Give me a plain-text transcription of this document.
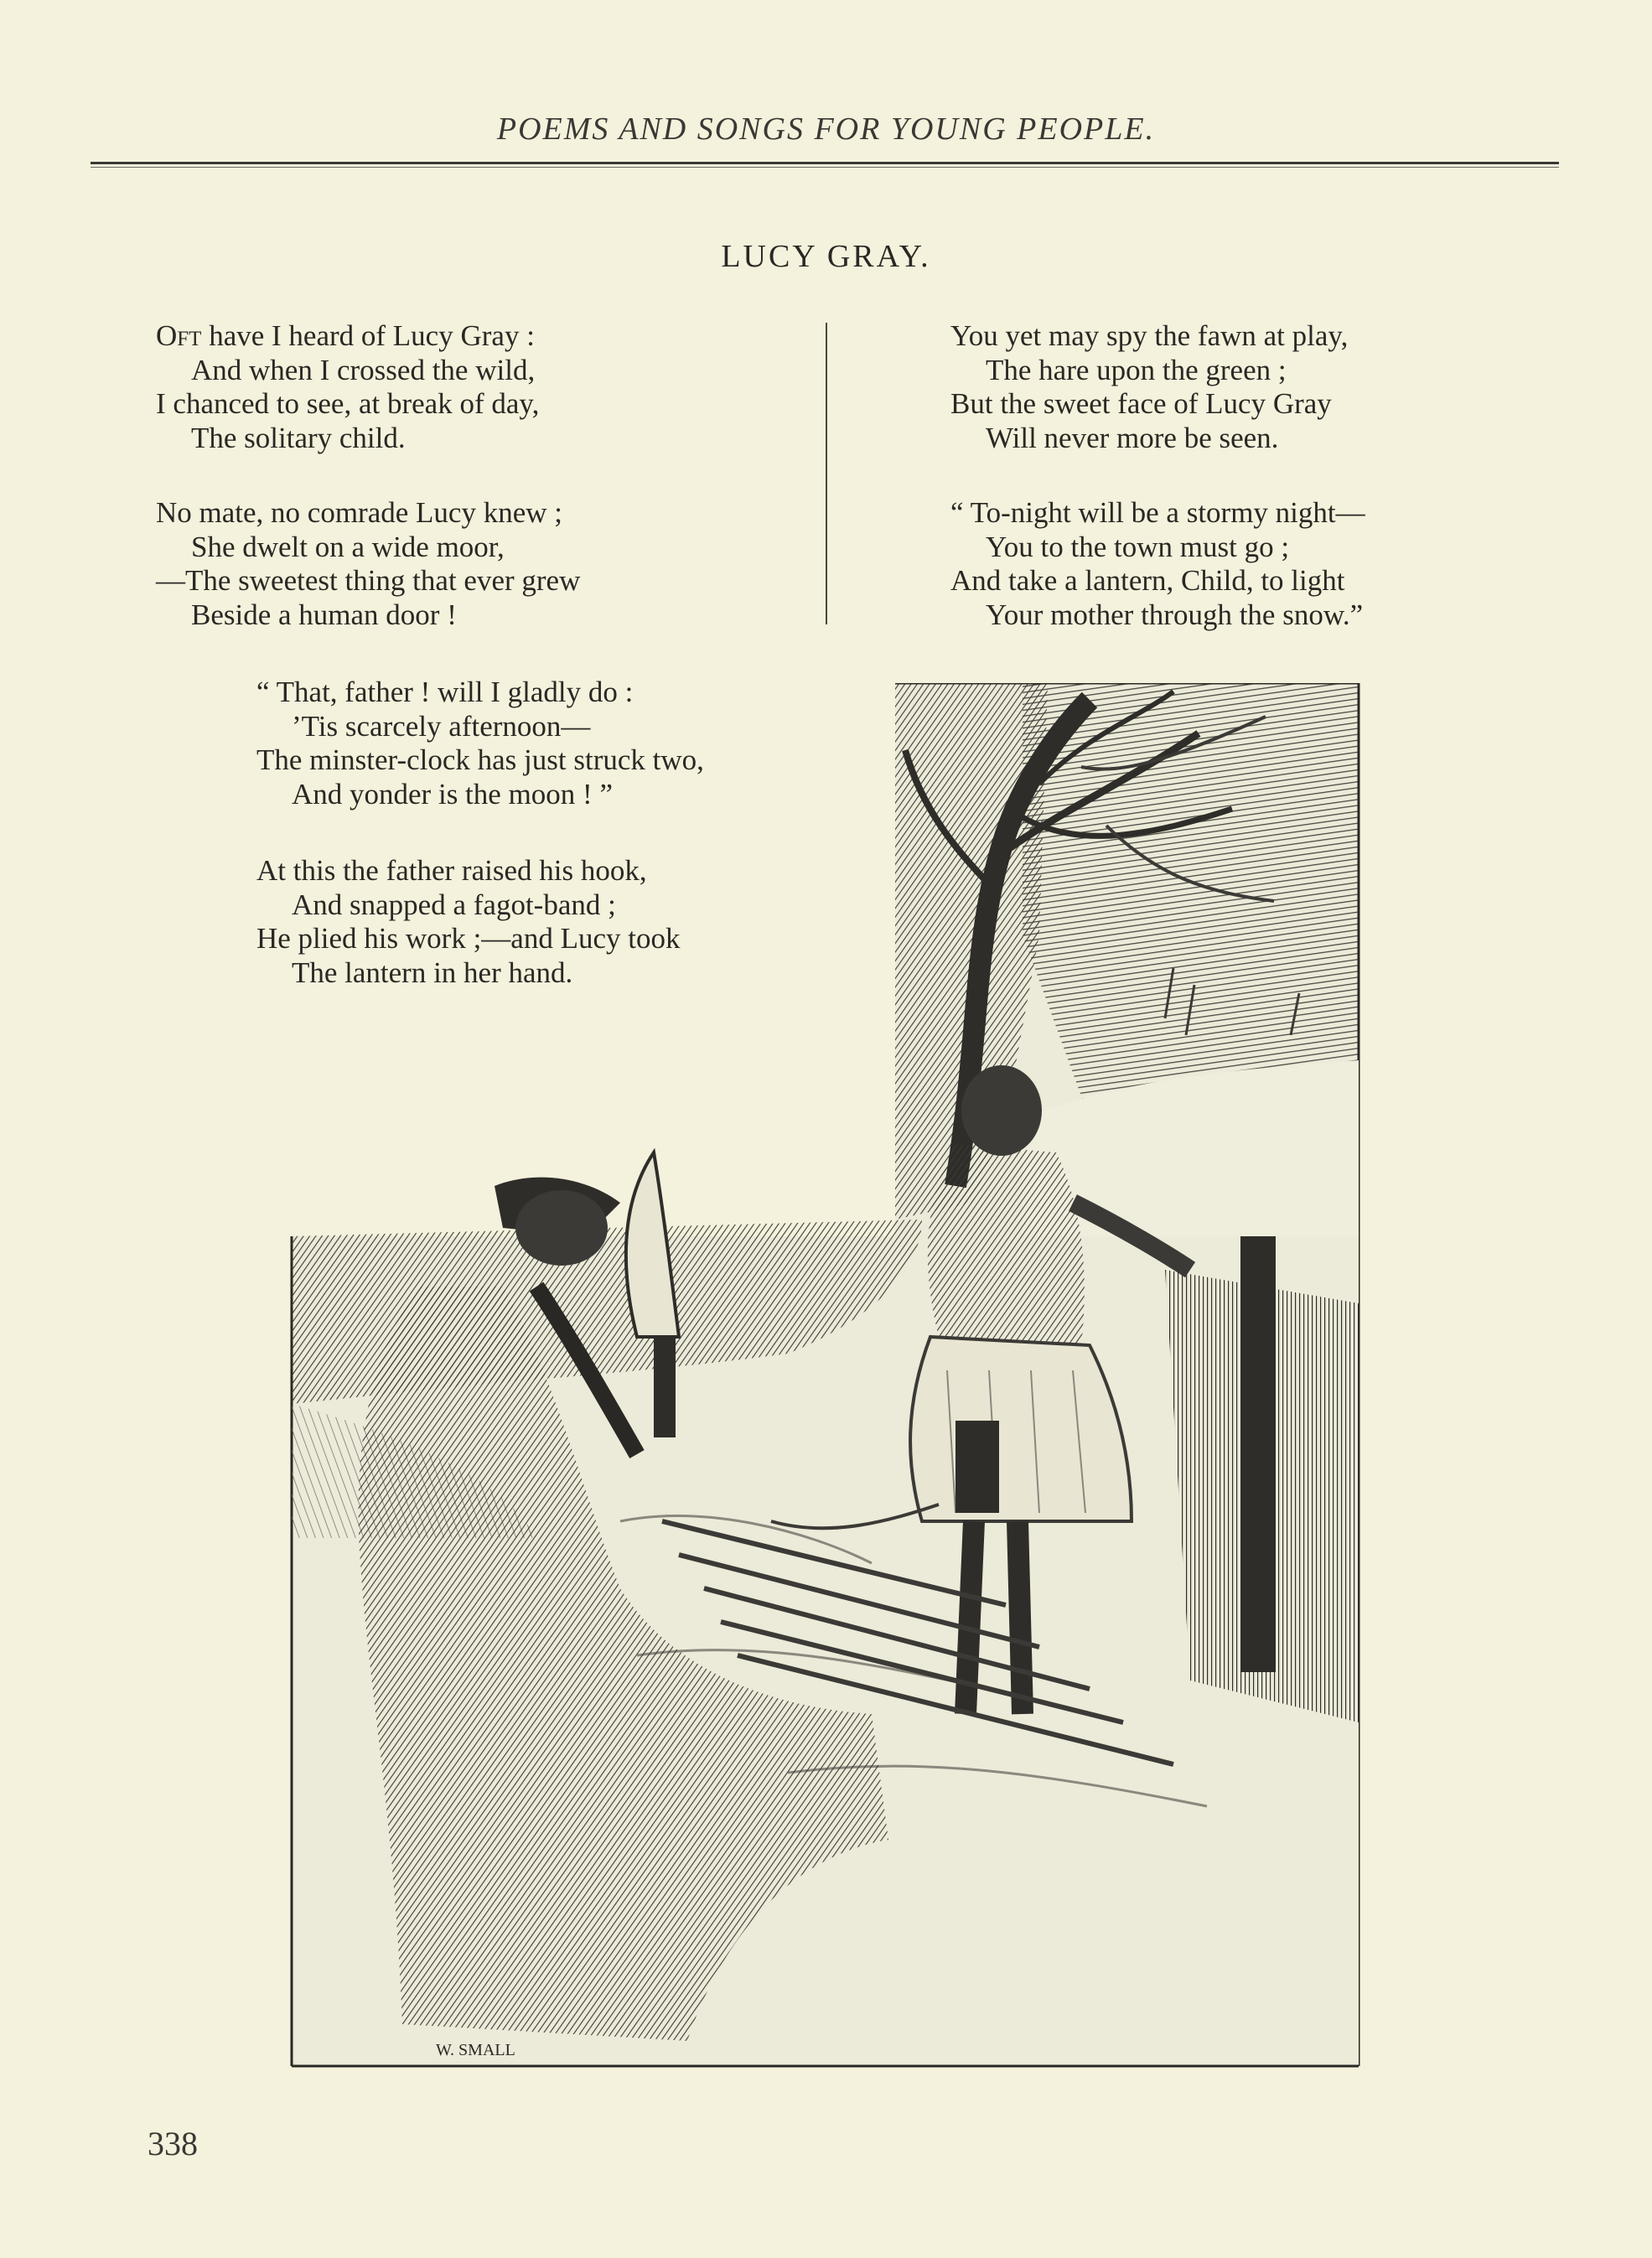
POEMS AND SONGS FOR YOUNG PEOPLE.
LUCY GRAY.
Oft have I heard of Lucy Gray :
And when I crossed the wild,
I chanced to see, at break of day,
The solitary child.
No mate, no comrade Lucy knew ;
She dwelt on a wide moor,
—The sweetest thing that ever grew
Beside a human door !
You yet may spy the fawn at play,
The hare upon the green ;
But the sweet face of Lucy Gray
Will never more be seen.
“ To-night will be a stormy night—
You to the town must go ;
And take a lantern, Child, to light
Your mother through the snow.”
“ That, father ! will I gladly do :
’Tis scarcely afternoon—
The minster-clock has just struck two,
And yonder is the moon ! ”
At this the father raised his hook,
And snapped a fagot-band ;
He plied his work ;—and Lucy took
The lantern in her hand.
W. SMALL
338
